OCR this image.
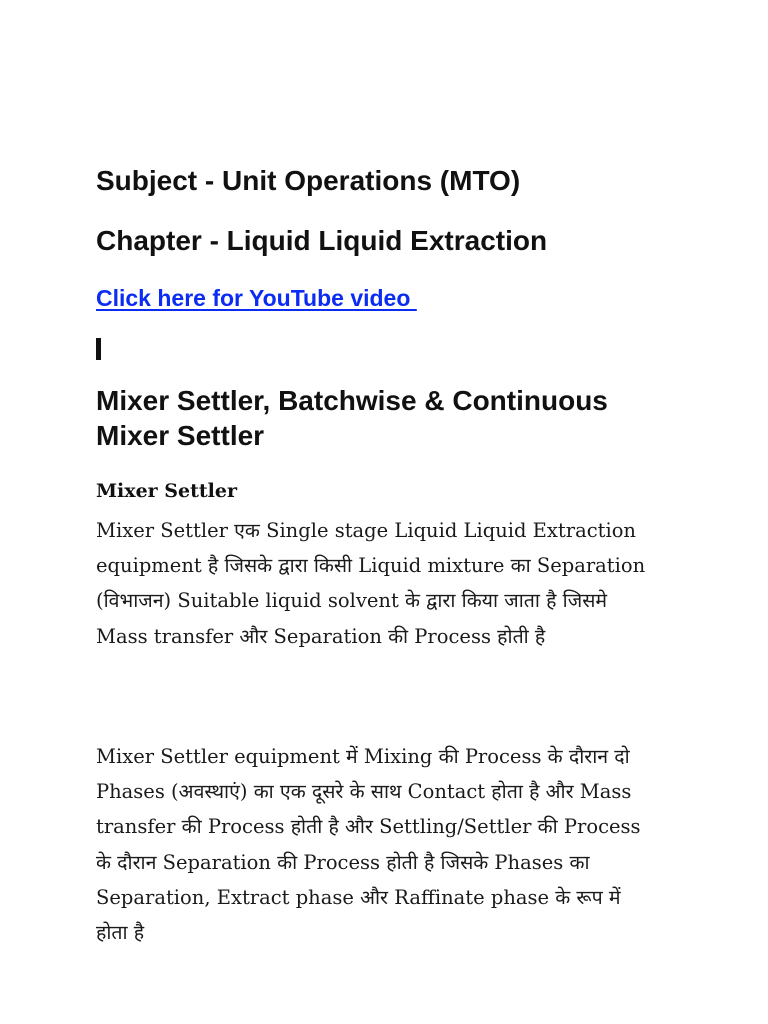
Subject - Unit Operations (MTO)
Chapter - Liquid Liquid Extraction
Click here for YouTube video
Mixer Settler, Batchwise & Continuous Mixer Settler
Mixer Settler

Mixer Settler एक Single stage Liquid Liquid Extraction equipment है जिसके द्वारा किसी Liquid mixture का Separation (विभाजन) Suitable liquid solvent के द्वारा किया जाता है जिसमे Mass transfer और Separation की Process होती है

Mixer Settler equipment में Mixing की Process के दौरान दो Phases (अवस्थाएं) का एक दूसरे के साथ Contact होता है और Mass transfer की Process होती है और Settling/Settler की Process के दौरान Separation की Process होती है जिसके Phases का Separation, Extract phase और Raffinate phase के रूप में होता है
